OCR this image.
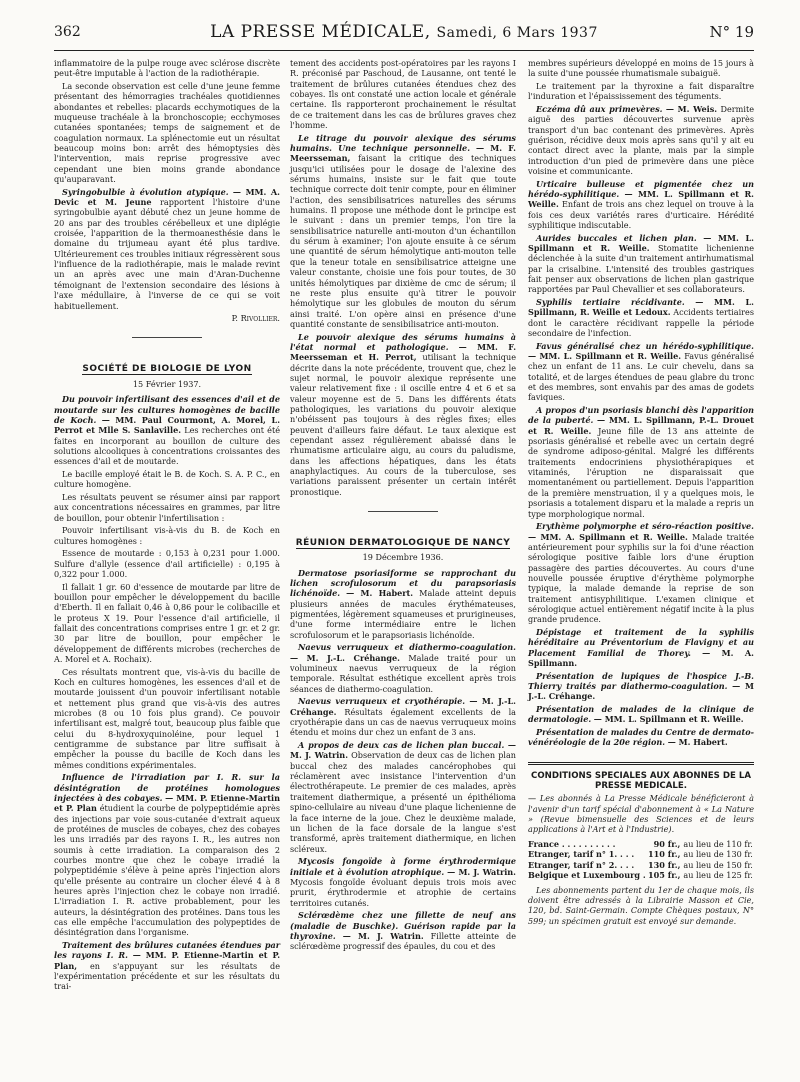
362	LA PRESSE MÉDICALE, Samedi, 6 Mars 1937	N° 19

inflammatoire de la pulpe rouge avec sclérose discrète peut-être imputable à l'action de la radiothérapie.

La seconde observation est celle d'une jeune femme présentant des hémorragies trachéales quotidiennes abondantes et rebelles: placards ecchymotiques de la muqueuse trachéale à la bronchoscopie; ecchymoses cutanées spontanées; temps de saignement et de coagulation normaux. La splénectomie eut un résultat beaucoup moins bon: arrêt des hémoptysies dès l'intervention, mais reprise progressive avec cependant une bien moins grande abondance qu'auparavant.

Syringobulbie à évolution atypique. — MM. A. Devic et M. Jeune rapportent l'histoire d'une syringobulbie ayant débuté chez un jeune homme de 20 ans par des troubles cérébelleux et une diplégie croisée, l'apparition de la thermoanesthésie dans le domaine du trijumeau ayant été plus tardive. Ultérieurement ces troubles initiaux régressèrent sous l'influence de la radiothérapie, mais le malade revint un an après avec une main d'Aran-Duchenne témoignant de l'extension secondaire des lésions à l'axe médullaire, à l'inverse de ce qui se voit habituellement.

P. Rivollier.

SOCIÉTÉ DE BIOLOGIE DE LYON

15 Février 1937.

Du pouvoir infertilisant des essences d'ail et de moutarde sur les cultures homogènes de bacille de Koch. — MM. Paul Courmont, A. Morel, L. Perrot et Mlle S. Sanlaville. Les recherches ont été faites en incorporant au bouillon de culture des solutions alcooliques à concentrations croissantes des essences d'ail et de moutarde.

Le bacille employé était le B. de Koch. S. A. P. C., en culture homogène.

Les résultats peuvent se résumer ainsi par rapport aux concentrations nécessaires en grammes, par litre de bouillon, pour obtenir l'infertilisation :

Pouvoir infertilisant vis-à-vis du B. de Koch en cultures homogènes :

Essence de moutarde : 0,153 à 0,231 pour 1.000. Sulfure d'allyle (essence d'ail artificielle) : 0,195 à 0,322 pour 1.000.

Il fallait 1 gr. 60 d'essence de moutarde par litre de bouillon pour empêcher le développement du bacille d'Eberth. Il en fallait 0,46 à 0,86 pour le colibacille et le proteus X 19. Pour l'essence d'ail artificielle, il fallait des concentrations comprises entre 1 gr. et 2 gr. 30 par litre de bouillon, pour empêcher le développement de différents microbes (recherches de A. Morel et A. Rochaix).

Ces résultats montrent que, vis-à-vis du bacille de Koch en cultures homogènes, les essences d'ail et de moutarde jouissent d'un pouvoir infertilisant notable et nettement plus grand que vis-à-vis des autres microbes (8 ou 10 fois plus grand). Ce pouvoir infertilisant est, malgré tout, beaucoup plus faible que celui du 8-hydroxyquinoléine, pour lequel 1 centigramme de substance par litre suffisait à empêcher la pousse du bacille de Koch dans les mêmes conditions expérimentales.

Influence de l'irradiation par I. R. sur la désintégration de protéines homologues injectées à des cobayes. — MM. P. Etienne-Martin et P. Plan étudient la courbe de polypeptidémie après des injections par voie sous-cutanée d'extrait aqueux de protéines de muscles de cobayes, chez des cobayes les uns irradiés par des rayons I. R., les autres non soumis à cette irradiation. La comparaison des 2 courbes montre que chez le cobaye irradié la polypeptidémie s'élève à peine après l'injection alors qu'elle présente au contraire un clocher élevé 4 à 8 heures après l'injection chez le cobaye non irradié. L'irradiation I. R. active probablement, pour les auteurs, la désintégration des protéines. Dans tous les cas elle empêche l'accumulation des polypeptides de désintégration dans l'organisme.

Traitement des brûlures cutanées étendues par les rayons I. R. — MM. P. Etienne-Martin et P. Plan, en s'appuyant sur les résultats de l'expérimentation précédente et sur les résultats du trai-

tement des accidents post-opératoires par les rayons I R. préconisé par Paschoud, de Lausanne, ont tenté le traitement de brûlures cutanées étendues chez des cobayes. Ils ont constaté une action locale et générale certaine. Ils rapporteront prochainement le résultat de ce traitement dans les cas de brûlures graves chez l'homme.

Le titrage du pouvoir alexique des sérums humains. Une technique personnelle. — M. F. Meersseman, faisant la critique des techniques jusqu'ici utilisées pour le dosage de l'alexine des sérums humains, insiste sur le fait que toute technique correcte doit tenir compte, pour en éliminer l'action, des sensibilisatrices naturelles des sérums humains. Il propose une méthode dont le principe est le suivant : dans un premier temps, l'on tire la sensibilisatrice naturelle anti-mouton d'un échantillon du sérum à examiner; l'on ajoute ensuite à ce sérum une quantité de sérum hémolytique anti-mouton telle que la teneur totale en sensibilisatrice atteigne une valeur constante, choisie une fois pour toutes, de 30 unités hémolytiques par dixième de cmc de sérum; il ne reste plus ensuite qu'à titrer le pouvoir hémolytique sur les globules de mouton du sérum ainsi traité. L'on opère ainsi en présence d'une quantité constante de sensibilisatrice anti-mouton.

Le pouvoir alexique des sérums humains à l'état normal et pathologique. — MM. F. Meersseman et H. Perrot, utilisant la technique décrite dans la note précédente, trouvent que, chez le sujet normal, le pouvoir alexique représente une valeur relativement fixe : il oscille entre 4 et 6 et sa valeur moyenne est de 5. Dans les différents états pathologiques, les variations du pouvoir alexique n'obéissent pas toujours à des règles fixes; elles peuvent d'ailleurs faire défaut. Le taux alexique est cependant assez régulièrement abaissé dans le rhumatisme articulaire aigu, au cours du paludisme, dans les affections hépatiques, dans les états anaphylactiques. Au cours de la tuberculose, ses variations paraissent présenter un certain intérêt pronostique.

RÉUNION DERMATOLOGIQUE DE NANCY

19 Décembre 1936.

Dermatose psoriasiforme se rapprochant du lichen scrofulosorum et du parapsoriasis lichénoïde. — M. Habert. Malade atteint depuis plusieurs années de macules érythémateuses, pigmentées, légèrement squameuses et prurigineuses, d'une forme intermédiaire entre le lichen scrofulosorum et le parapsoriasis lichénoïde.

Naevus verruqueux et diathermo-coagulation. — M. J.-L. Créhange. Malade traité pour un volumineux naevus verruqueux de la région temporale. Résultat esthétique excellent après trois séances de diathermo-coagulation.

Naevus verruqueux et cryothérapie. — M. J.-L. Créhange. Résultats également excellents de la cryothérapie dans un cas de naevus verruqueux moins étendu et moins dur chez un enfant de 3 ans.

A propos de deux cas de lichen plan buccal. — M. J. Watrin. Observation de deux cas de lichen plan buccal chez des malades cancérophobes qui réclamèrent avec insistance l'intervention d'un électrothérapeute. Le premier de ces malades, après traitement diathermique, a présenté un épithélioma spino-cellulaire au niveau d'une plaque lichenienne de la face interne de la joue. Chez le deuxième malade, un lichen de la face dorsale de la langue s'est transformé, après traitement diathermique, en lichen scléreux.

Mycosis fongoïde à forme érythrodermique initiale et à évolution atrophique. — M. J. Watrin. Mycosis fongoïde évoluant depuis trois mois avec prurit, érythrodermie et atrophie de certains territoires cutanés.

Sclérœdème chez une fillette de neuf ans (maladie de Buschke). Guérison rapide par la thyroxine. — M. J. Watrin. Fillette atteinte de sclérœdème progressif des épaules, du cou et des

membres supérieurs développé en moins de 15 jours à la suite d'une poussée rhumatismale subaiguë.

Le traitement par la thyroxine a fait disparaître l'induration et l'épaississement des téguments.

Eczéma dû aux primevères. — M. Weis. Dermite aiguë des parties découvertes survenue après transport d'un bac contenant des primevères. Après guérison, récidive deux mois après sans qu'il y ait eu contact direct avec la plante, mais par la simple introduction d'un pied de primevère dans une pièce voisine et communicante.

Urticaire bulleuse et pigmentée chez un hérédo-syphilitique. — MM. L. Spillmann et R. Weille. Enfant de trois ans chez lequel on trouve à la fois ces deux variétés rares d'urticaire. Hérédité syphilitique indiscutable.

Aurides buccales et lichen plan. — MM. L. Spillmann et R. Weille. Stomatite lichenienne déclenchée à la suite d'un traitement antirhumatismal par la crisalbine. L'intensité des troubles gastriques fait penser aux observations de lichen plan gastrique rapportées par Paul Chevallier et ses collaborateurs.

Syphilis tertiaire récidivante. — MM. L. Spillmann, R. Weille et Ledoux. Accidents tertiaires dont le caractère récidivant rappelle la période secondaire de l'infection.

Favus généralisé chez un hérédo-syphilitique. — MM. L. Spillmann et R. Weille. Favus généralisé chez un enfant de 11 ans. Le cuir chevelu, dans sa totalité, et de larges étendues de peau glabre du tronc et des membres, sont envahis par des amas de godets faviques.

A propos d'un psoriasis blanchi dès l'apparition de la puberté. — MM. L. Spillmann, P.-L. Drouet et R. Weille. Jeune fille de 13 ans atteinte de psoriasis généralisé et rebelle avec un certain degré de syndrome adiposo-génital. Malgré les différents traitements endocriniens physiothérapiques et vitaminés, l'éruption ne disparaissait que momentanément ou partiellement. Depuis l'apparition de la première menstruation, il y a quelques mois, le psoriasis a totalement disparu et la malade a repris un type morphologique normal.

Erythème polymorphe et séro-réaction positive. — MM. A. Spillmann et R. Weille. Malade traitée antérieurement pour syphilis sur la foi d'une réaction sérologique positive faible lors d'une éruption passagère des parties découvertes. Au cours d'une nouvelle poussée éruptive d'érythème polymorphe typique, la malade demande la reprise de son traitement antisyphilitique. L'examen clinique et sérologique actuel entièrement négatif incite à la plus grande prudence.

Dépistage et traitement de la syphilis héréditaire au Préventorium de Flavigny et au Placement Familial de Thorey. — M. A. Spillmann.

Présentation de lupiques de l'hospice J.-B. Thierry traités par diathermo-coagulation. — M J.-L. Créhange.

Présentation de malades de la clinique de dermatologie. — MM. L. Spillmann et R. Weille.

Présentation de malades du Centre de dermato-vénéréologie de la 20e région. — M. Habert.

CONDITIONS SPECIALES AUX ABONNES DE LA PRESSE MEDICALE.

— Les abonnés à La Presse Médicale bénéficieront à l'avenir d'un tarif spécial d'abonnement à « La Nature » (Revue bimensuelle des Sciences et de leurs applications à l'Art et à l'Industrie).

France . . . . . . . . . .	90 fr.,	au lieu de 110 fr.
Etranger, tarif n° 1. . . .	110 fr.,	au lieu de 130 fr.
Etranger, tarif n° 2. . . .	130 fr.,	au lieu de 150 fr.
Belgique et Luxembourg .	105 fr.,	au lieu de 125 fr.

Les abonnements partent du 1er de chaque mois, ils doivent être adressés à la Librairie Masson et Cie, 120, bd. Saint-Germain. Compte Chèques postaux, N° 599; un spécimen gratuit est envoyé sur demande.
